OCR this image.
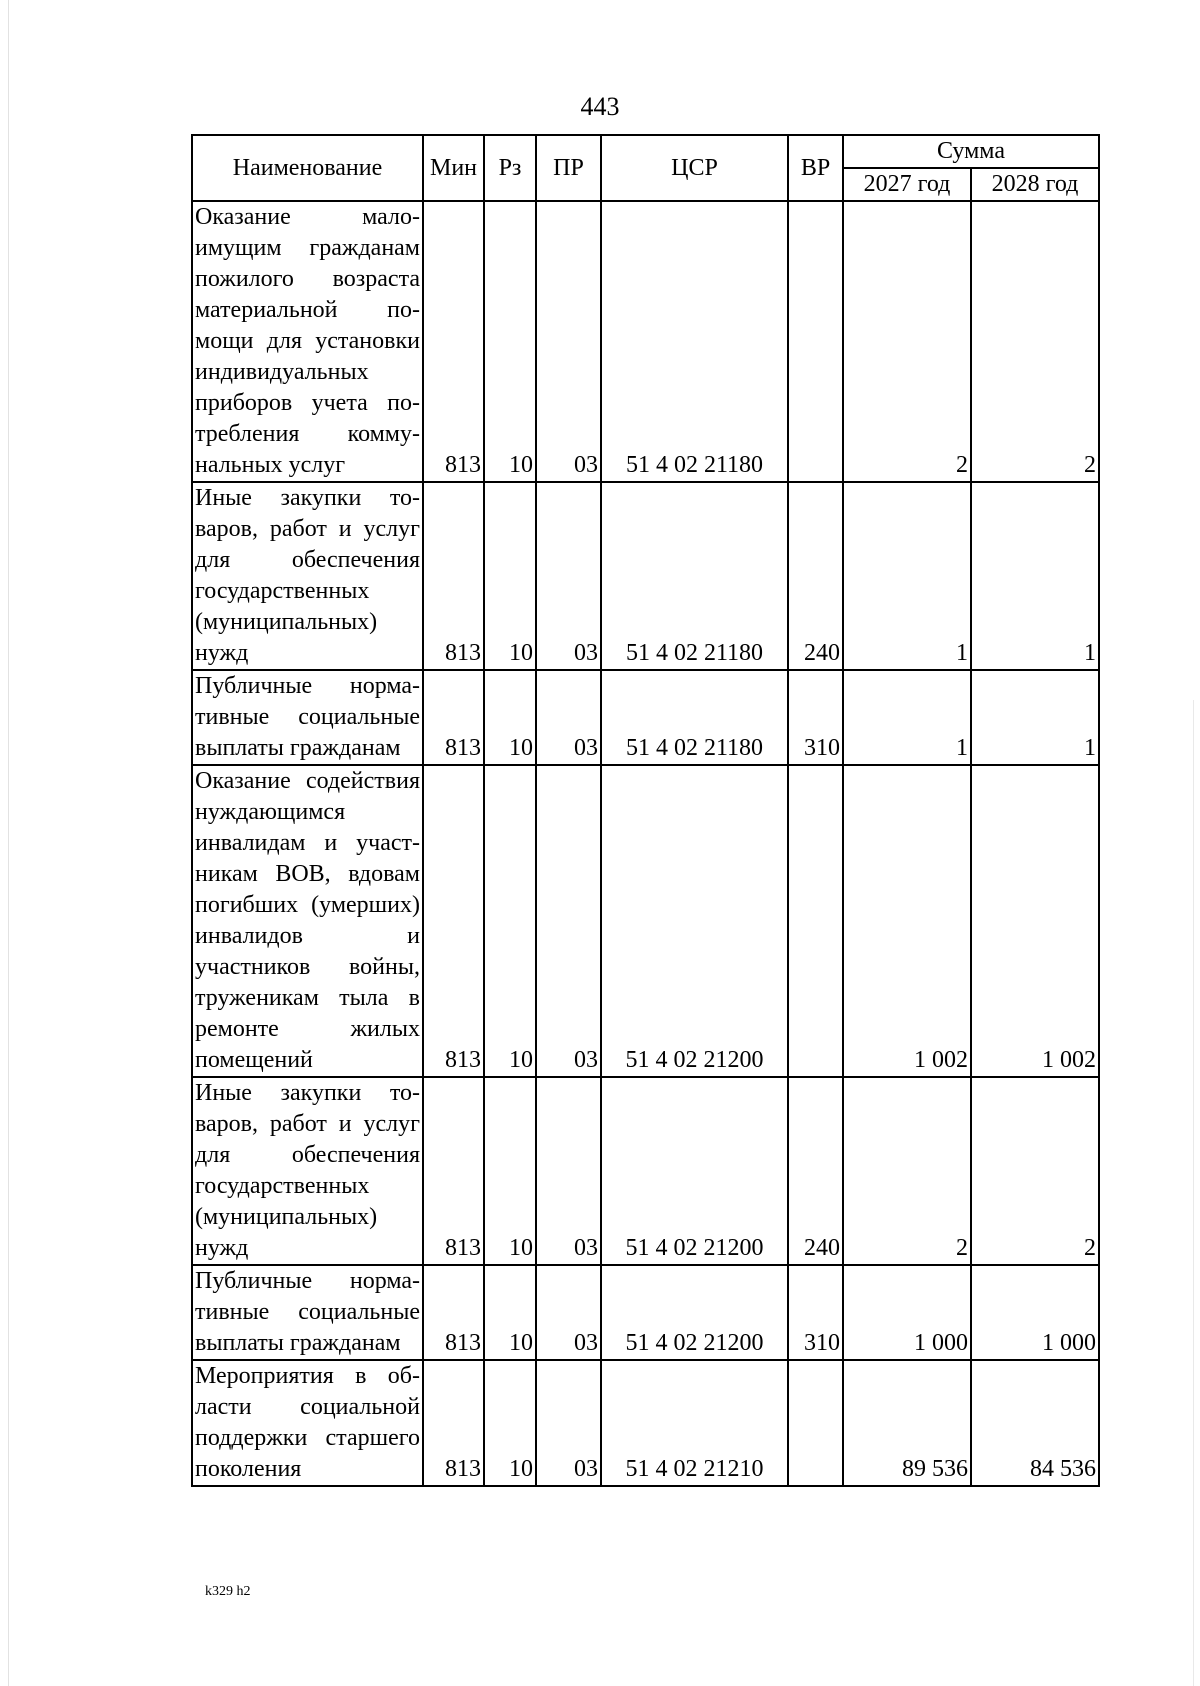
443
Наименование	Мин	Рз	ПР	ЦСР	ВР	Сумма	
						2027 год	2028 год
Оказание малоимущим гражданам пожилого возраста материальной помощи для установки индивидуальных приборов учета потребления коммунальных услуг	813	10	03	51 4 02 21180		2	2
Иные закупки товаров, работ и услуг для обеспечения государственных (муниципальных) нужд	813	10	03	51 4 02 21180	240	1	1
Публичные нормативные социальные выплаты гражданам	813	10	03	51 4 02 21180	310	1	1
Оказание содействия нуждающимся инвалидам и участникам ВОВ, вдовам погибших (умерших) инвалидов и участников войны, труженикам тыла в ремонте жилых помещений	813	10	03	51 4 02 21200		1 002	1 002
Иные закупки товаров, работ и услуг для обеспечения государственных (муниципальных) нужд	813	10	03	51 4 02 21200	240	2	2
Публичные нормативные социальные выплаты гражданам	813	10	03	51 4 02 21200	310	1 000	1 000
Мероприятия в области социальной поддержки старшего поколения	813	10	03	51 4 02 21210		89 536	84 536
k329 h2
